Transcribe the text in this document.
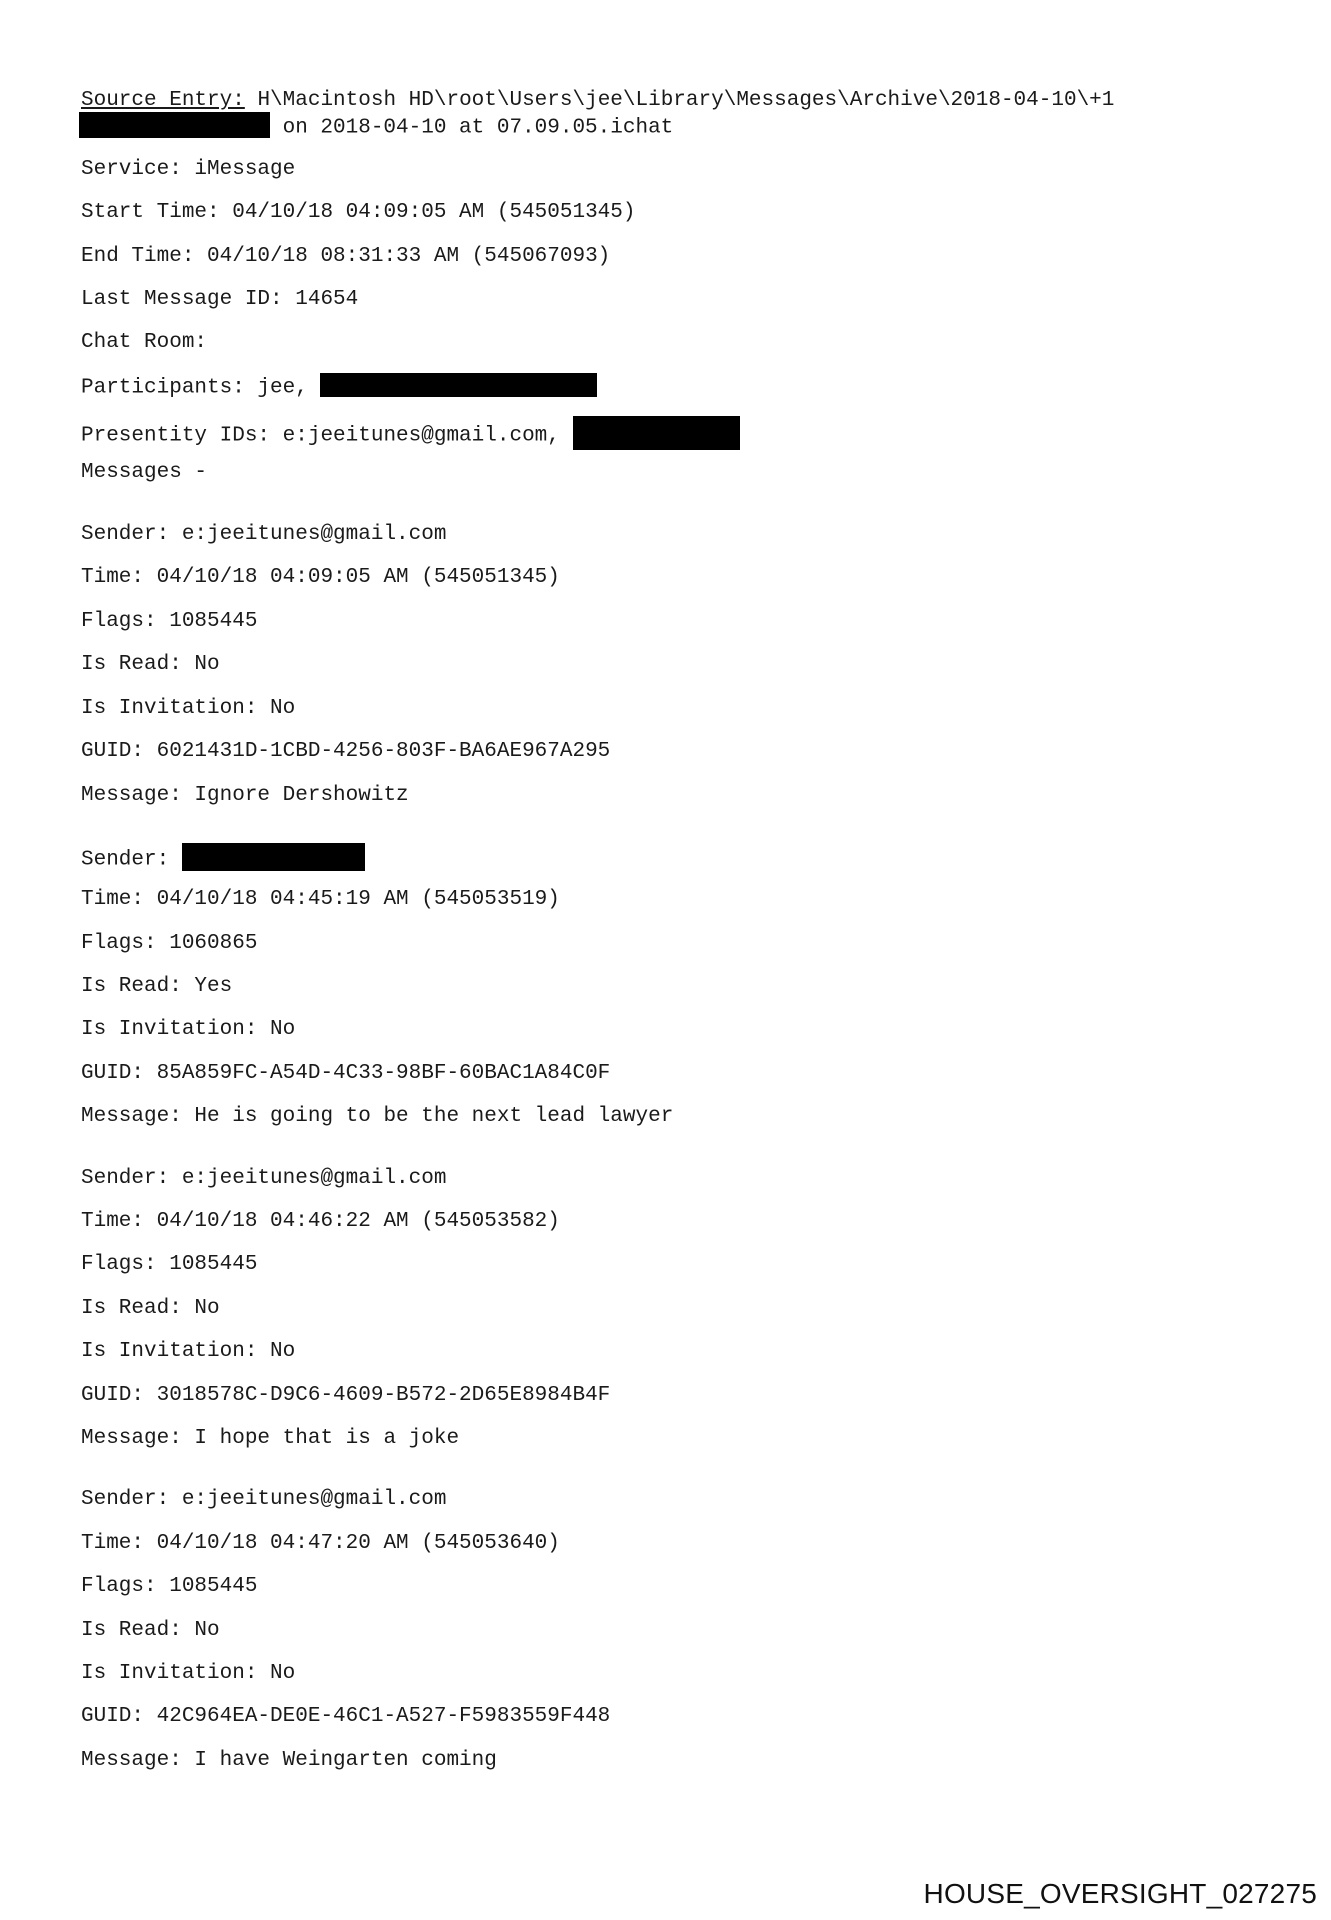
Source Entry: H\Macintosh HD\root\Users\jee\Library\Messages\Archive\2018-04-10\+1
on 2018-04-10 at 07.09.05.ichat
Service: iMessage
Start Time: 04/10/18 04:09:05 AM (545051345)
End Time: 04/10/18 08:31:33 AM (545067093)
Last Message ID: 14654
Chat Room:
Participants: jee,
Presentity IDs: e:jeeitunes@gmail.com,
Messages -
Sender: e:jeeitunes@gmail.com
Time: 04/10/18 04:09:05 AM (545051345)
Flags: 1085445
Is Read: No
Is Invitation: No
GUID: 6021431D-1CBD-4256-803F-BA6AE967A295
Message: Ignore Dershowitz
Sender:
Time: 04/10/18 04:45:19 AM (545053519)
Flags: 1060865
Is Read: Yes
Is Invitation: No
GUID: 85A859FC-A54D-4C33-98BF-60BAC1A84C0F
Message: He is going to be the next lead lawyer
Sender: e:jeeitunes@gmail.com
Time: 04/10/18 04:46:22 AM (545053582)
Flags: 1085445
Is Read: No
Is Invitation: No
GUID: 3018578C-D9C6-4609-B572-2D65E8984B4F
Message: I hope that is a joke
Sender: e:jeeitunes@gmail.com
Time: 04/10/18 04:47:20 AM (545053640)
Flags: 1085445
Is Read: No
Is Invitation: No
GUID: 42C964EA-DE0E-46C1-A527-F5983559F448
Message: I have Weingarten coming
HOUSE_OVERSIGHT_027275
